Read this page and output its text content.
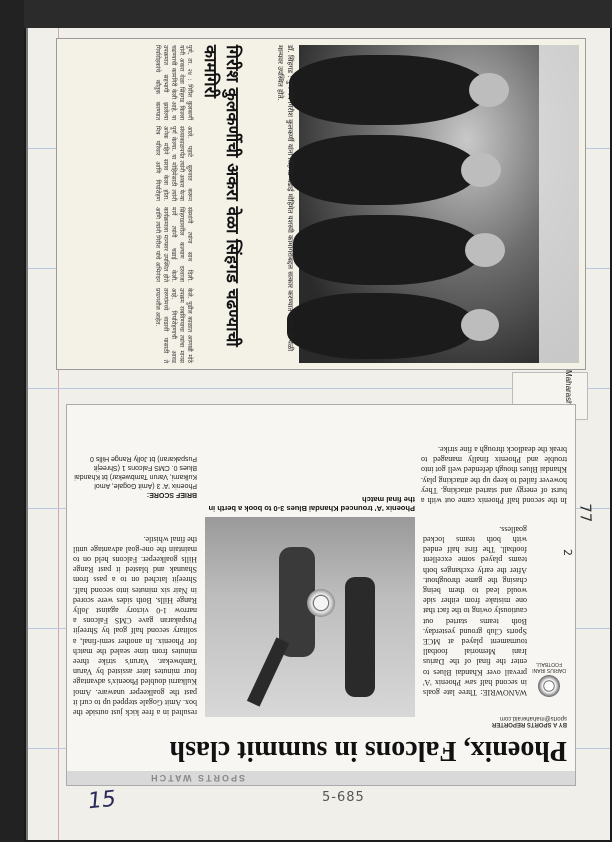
डॉ. सिंहगड : पुणे येथे गिरीश कुलकर्णी यांना सिंहगड चढाई मोहिमेत यशस्वी कामगिरीबद्दल सत्कार करण्यात आला. या वेळी मान्यवर उपस्थित होते.
गिरीश कुलकर्णीची अकरा वेळा सिंहगड चढण्याची कामगिरी
पुणे, ता. २४ : गिरीश कुलकर्णी यांनी अकरा वेळा सिंहगड किल्ला चढण्याची कामगिरी केली आहे. या उपक्रमात सहभागी झालेल्या गिर्यारोहकांचे कौतुक करण्यात आले. पहाटे सुरुवात करून संध्याकाळपर्यंत त्यांनी अकरा फेऱ्या पूर्ण केल्या. या मोहिमेसाठी त्यांनी अनेक महिने सराव केला होता. मित्र परिवार आणि गिर्यारोहण संस्थांनी त्यांना साथ दिली. सिंहगडावरील कल्याण दरवाजा मार्गे त्यांनी चढाई केली. कार्यक्रमाला मान्यवर उपस्थित होते आणि त्यांनी गिरीश यांचे अभिनंदन केले. पुढील काळात आणखी मोठे उपक्रम राबविण्याचा त्यांचा मानस आहे. गिर्यारोहणाची आवड तरुणांमध्ये वाढावी यासाठी ते प्रयत्नशील आहेत.
SPORTS WATCH
Phoenix, Falcons in summit clash
BY A SPORTS REPORTER
sports@mahaherald.com
DARIUS IRANI FOOTBALL
WANOWRIE: Three late goals in second half saw Phoenix 'A' prevail over Khandai Blues to enter the final of the Darius Irani Memorial football tournament played at MCE Sports Club ground yesterday. Both teams started out cautiously owing to the fact that one mistake from either side would lead to them being chasing the game throughout. After the early exchanges both teams played some excellent football. The first half ended with both teams locked goalless.
In the second half Phoenix came out with a burst of energy and started attacking. They however failed to keep up the attacking play. Khandai Blues though defended well got into trouble and Phoenix finally managed to break the deadlock through a fine strike.
Phoenix 'A' trounced Khandai Blues 3-0 to book a berth in the final match
resulted in a free kick just outside the box. Amit Gogale stepped up to curl it past the goalkeeper unaware. Amol Kulkarni doubled Phoenix's advantage four minutes later assisted by Varun Tambwekar. Varun's strike three minutes from time sealed the match for Phoenix. In another semi-final, a solitary second half goal by Shreejit Puspakaran gave CMS Falcons a narrow 1-0 victory against Jolly Range Hills. Both sides were scored in Nair six minutes into second half. Shreejit latched on to a pass from Shaunak and blasted it past Range Hills goalkeeper. Falcons held on to maintain the one-goal advantage until the final whistle.
BRIEF SCORE:
Phoenix 'A' 3 (Amit Gogale, Amol Kulkarni, Varun Tambwekar) bt Khandai Blues 0. CMS Falcons 1 (Shreejit Puspakaran) bt Jolly Range Hills 0
15	5-685
77
2
